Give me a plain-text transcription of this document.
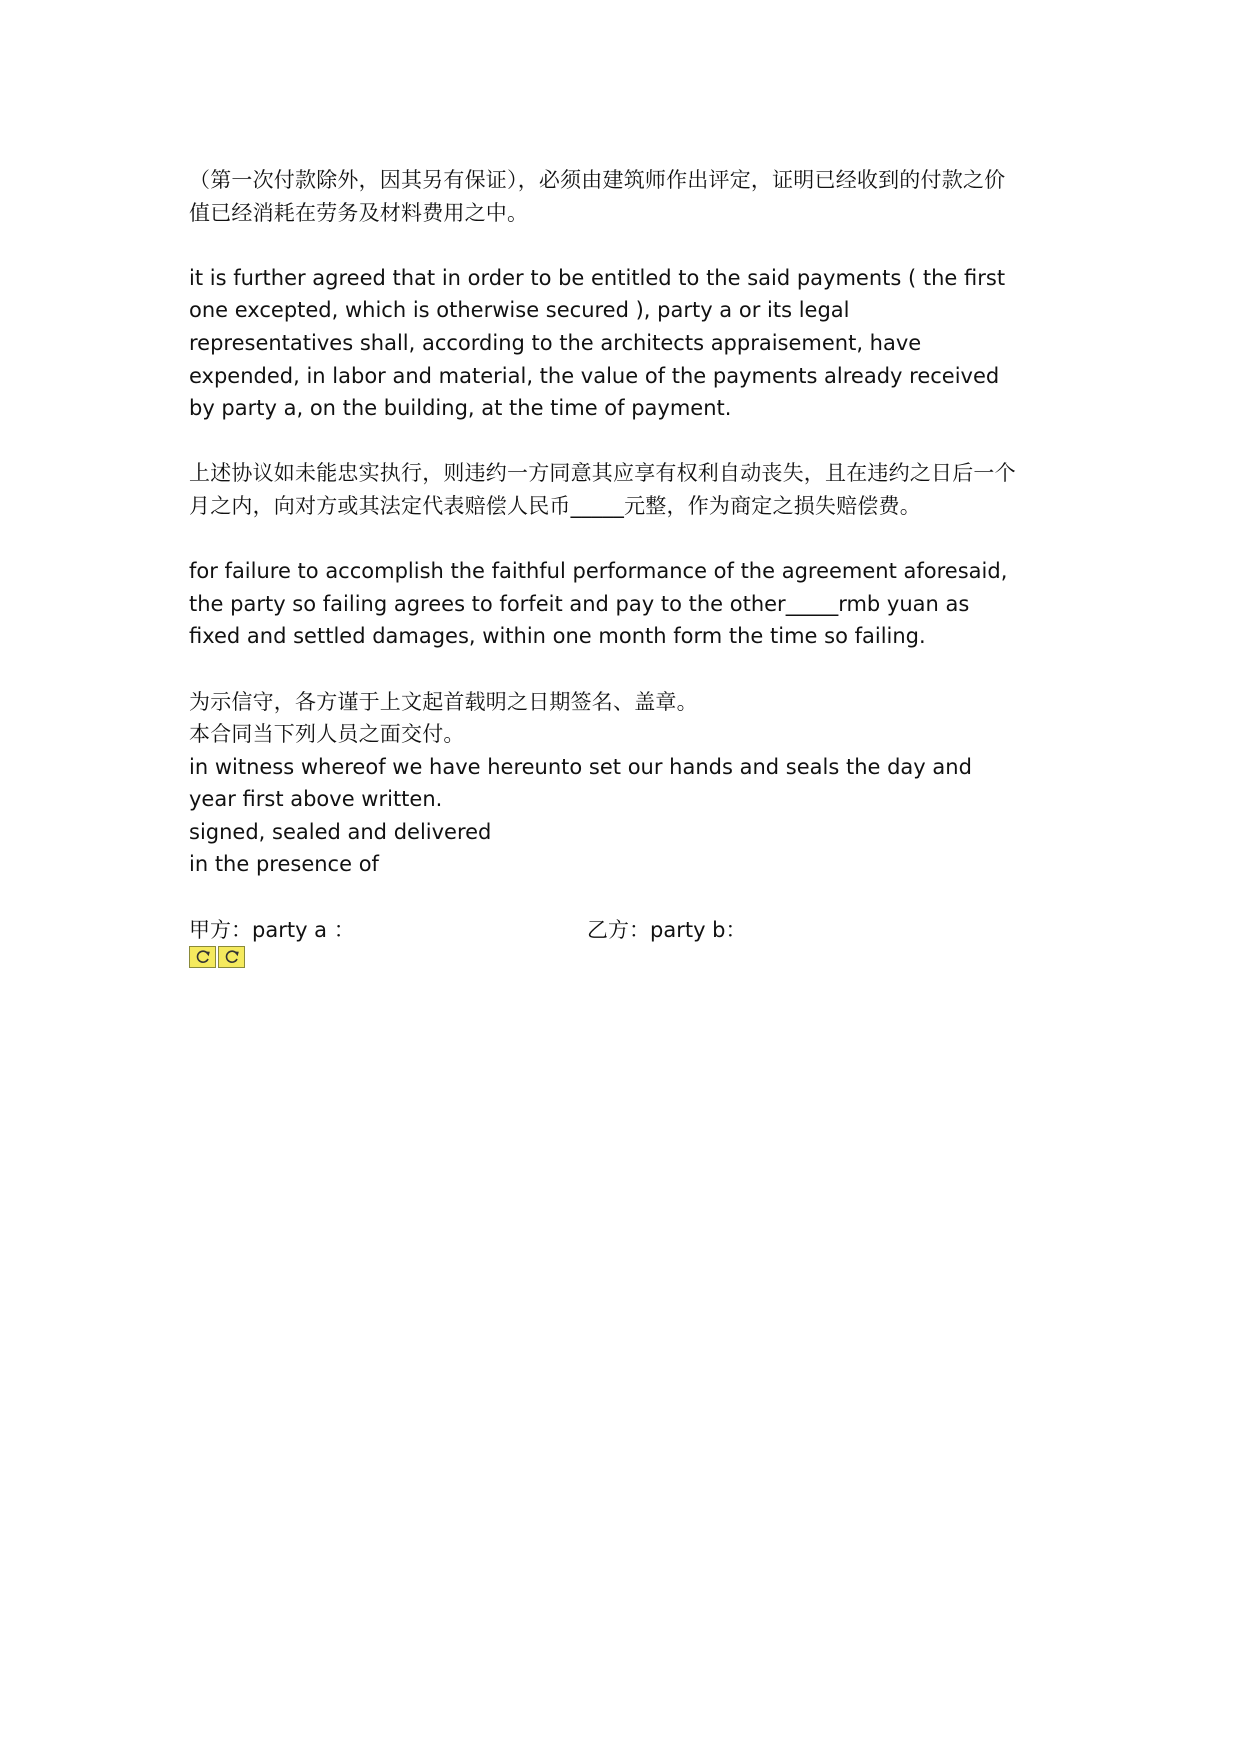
（第一次付款除外，因其另有保证），必须由建筑师作出评定，证明已经收到的付款之价
值已经消耗在劳务及材料费用之中。
it is further agreed that in order to be entitled to the said payments ( the first
one excepted, which is otherwise secured ), party a or its legal
representatives shall, according to the architects appraisement, have
expended, in labor and material, the value of the payments already received
by party a, on the building, at the time of payment.
上述协议如未能忠实执行，则违约一方同意其应享有权利自动丧失，且在违约之日后一个
月之内，向对方或其法定代表赔偿人民币_____元整，作为商定之损失赔偿费。
for failure to accomplish the faithful performance of the agreement aforesaid,
the party so failing agrees to forfeit and pay to the other_____rmb yuan as
fixed and settled damages, within one month form the time so failing.
为示信守，各方谨于上文起首载明之日期签名、盖章。
本合同当下列人员之面交付。
in witness whereof we have hereunto set our hands and seals the day and
year first above written.
signed, sealed and delivered
in the presence of
甲方：party a ：	乙方：party b：
